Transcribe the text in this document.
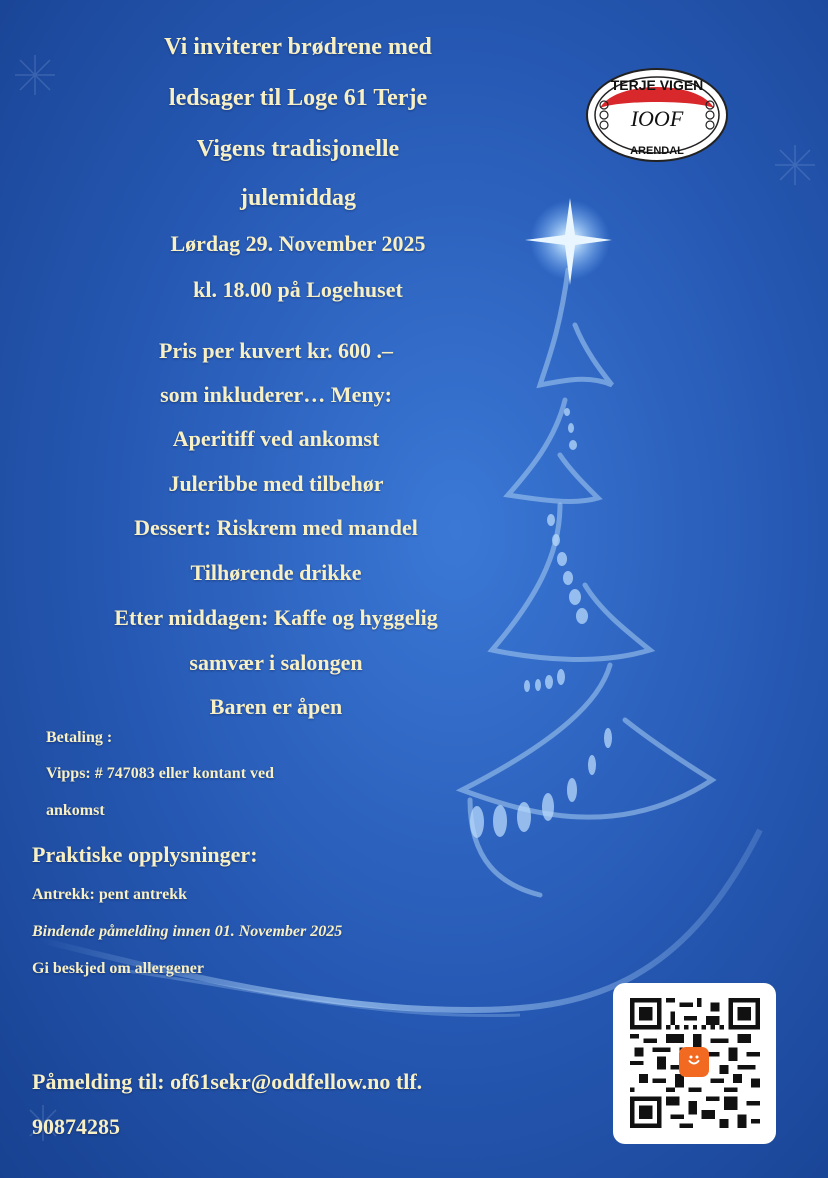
TERJE VIGEN
IOOF
ARENDAL
Vi inviterer brødrene med
ledsager til Loge 61 Terje
Vigens tradisjonelle
julemiddag
Lørdag 29. November 2025
kl. 18.00 på Logehuset
Pris per kuvert kr. 600 .–
som inkluderer… Meny:
Aperitiff ved ankomst
Juleribbe med tilbehør
Dessert: Riskrem med mandel
Tilhørende drikke
Etter middagen: Kaffe og hyggelig
samvær i salongen
Baren er åpen
Betaling :
Vipps: # 747083 eller kontant ved
ankomst
Praktiske opplysninger:
Antrekk: pent antrekk
Bindende påmelding innen 01. November 2025
Gi beskjed om allergener
Påmelding til: of61sekr@oddfellow.no tlf.
90874285
